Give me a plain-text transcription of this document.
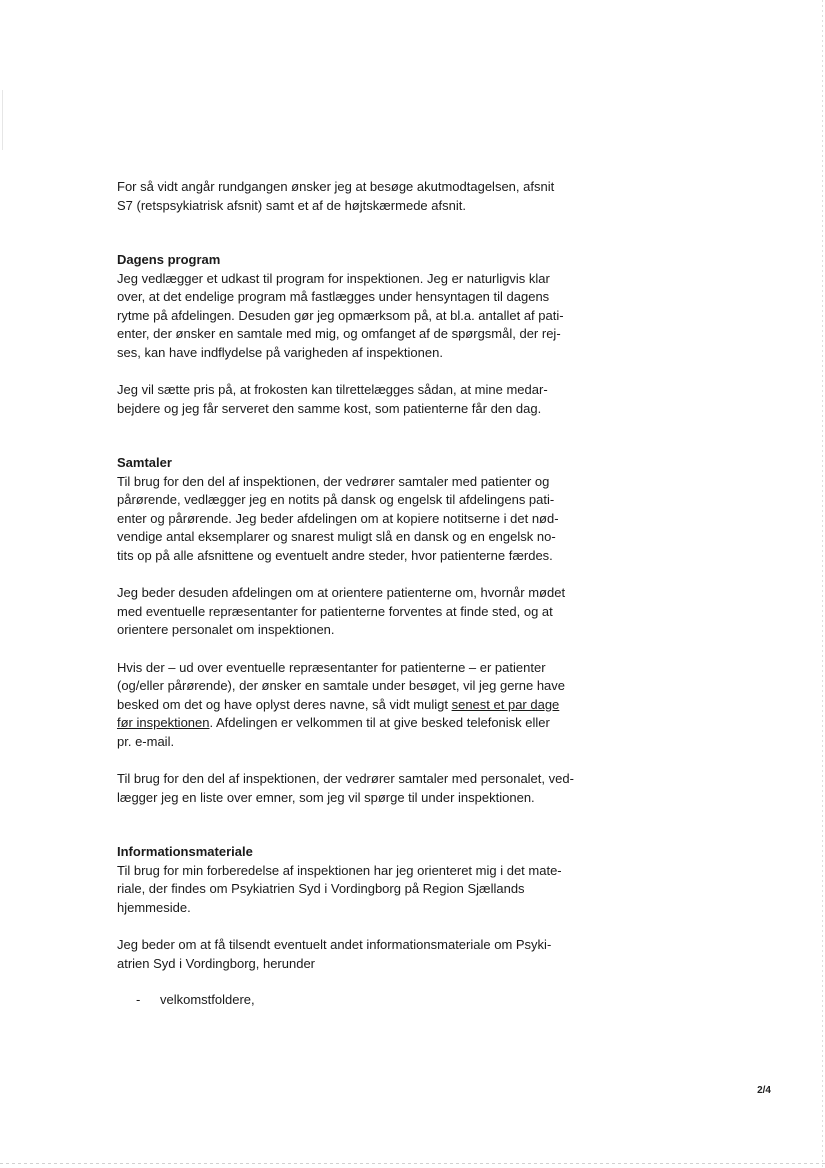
For så vidt angår rundgangen ønsker jeg at besøge akutmodtagelsen, afsnit
S7 (retspsykiatrisk afsnit) samt et af de højtskærmede afsnit.

Dagens program

Jeg vedlægger et udkast til program for inspektionen. Jeg er naturligvis klar
over, at det endelige program må fastlægges under hensyntagen til dagens
rytme på afdelingen. Desuden gør jeg opmærksom på, at bl.a. antallet af pati-
enter, der ønsker en samtale med mig, og omfanget af de spørgsmål, der rej-
ses, kan have indflydelse på varigheden af inspektionen.

Jeg vil sætte pris på, at frokosten kan tilrettelægges sådan, at mine medar-
bejdere og jeg får serveret den samme kost, som patienterne får den dag.

Samtaler

Til brug for den del af inspektionen, der vedrører samtaler med patienter og
pårørende, vedlægger jeg en notits på dansk og engelsk til afdelingens pati-
enter og pårørende. Jeg beder afdelingen om at kopiere notitserne i det nød-
vendige antal eksemplarer og snarest muligt slå en dansk og en engelsk no-
tits op på alle afsnittene og eventuelt andre steder, hvor patienterne færdes.

Jeg beder desuden afdelingen om at orientere patienterne om, hvornår mødet
med eventuelle repræsentanter for patienterne forventes at finde sted, og at
orientere personalet om inspektionen.

Hvis der – ud over eventuelle repræsentanter for patienterne – er patienter
(og/eller pårørende), der ønsker en samtale under besøget, vil jeg gerne have
besked om det og have oplyst deres navne, så vidt muligt senest et par dage
før inspektionen. Afdelingen er velkommen til at give besked telefonisk eller
pr. e-mail.

Til brug for den del af inspektionen, der vedrører samtaler med personalet, ved-
lægger jeg en liste over emner, som jeg vil spørge til under inspektionen.

Informationsmateriale

Til brug for min forberedelse af inspektionen har jeg orienteret mig i det mate-
riale, der findes om Psykiatrien Syd i Vordingborg på Region Sjællands
hjemmeside.

Jeg beder om at få tilsendt eventuelt andet informationsmateriale om Psyki-
atrien Syd i Vordingborg, herunder

- velkomstfoldere,
2/4
